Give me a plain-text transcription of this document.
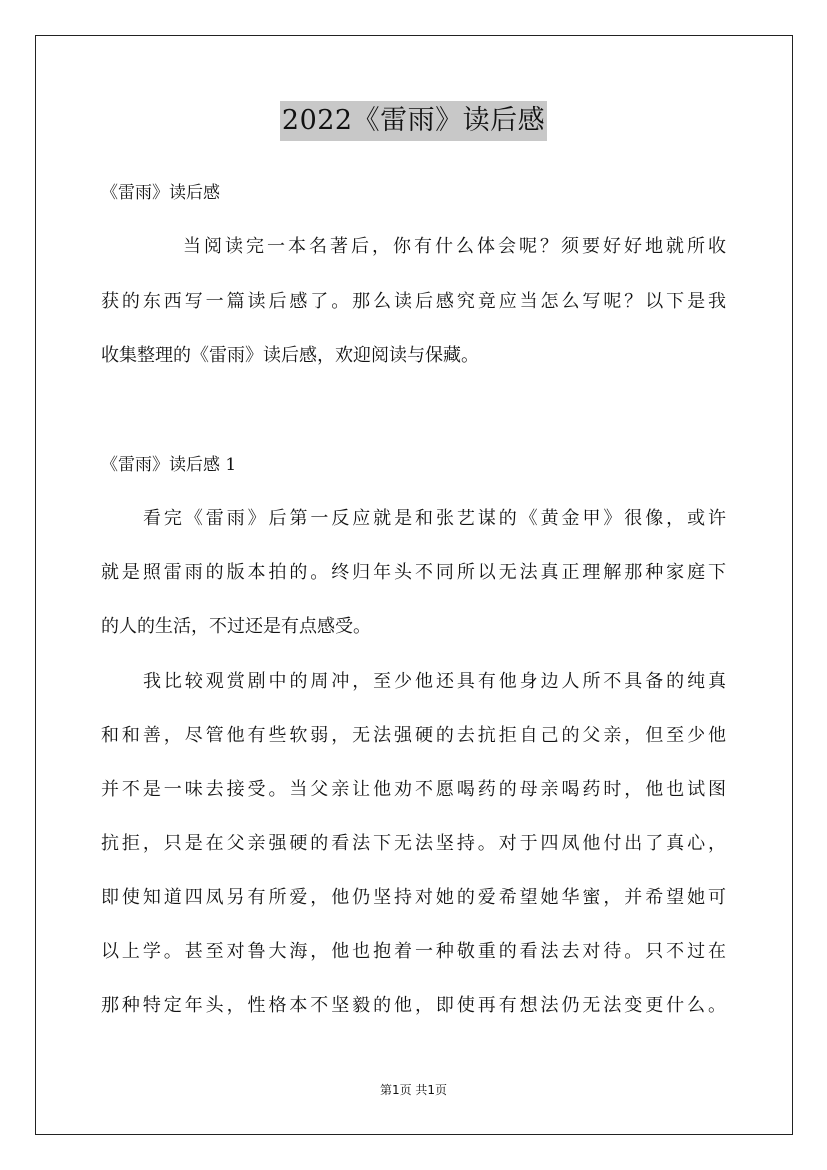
2022《雷雨》读后感
《雷雨》读后感
当阅读完一本名著后，你有什么体会呢？须要好好地就所收
获的东西写一篇读后感了。那么读后感究竟应当怎么写呢？以下是我
收集整理的《雷雨》读后感，欢迎阅读与保藏。
《雷雨》读后感 1
看完《雷雨》后第一反应就是和张艺谋的《黄金甲》很像，或许
就是照雷雨的版本拍的。终归年头不同所以无法真正理解那种家庭下
的人的生活，不过还是有点感受。
我比较观赏剧中的周冲，至少他还具有他身边人所不具备的纯真
和和善，尽管他有些软弱，无法强硬的去抗拒自己的父亲，但至少他
并不是一味去接受。当父亲让他劝不愿喝药的母亲喝药时，他也试图
抗拒，只是在父亲强硬的看法下无法坚持。对于四凤他付出了真心，
即使知道四凤另有所爱，他仍坚持对她的爱希望她华蜜，并希望她可
以上学。甚至对鲁大海，他也抱着一种敬重的看法去对待。只不过在
那种特定年头，性格本不坚毅的他，即使再有想法仍无法变更什么。
第1页 共1页
